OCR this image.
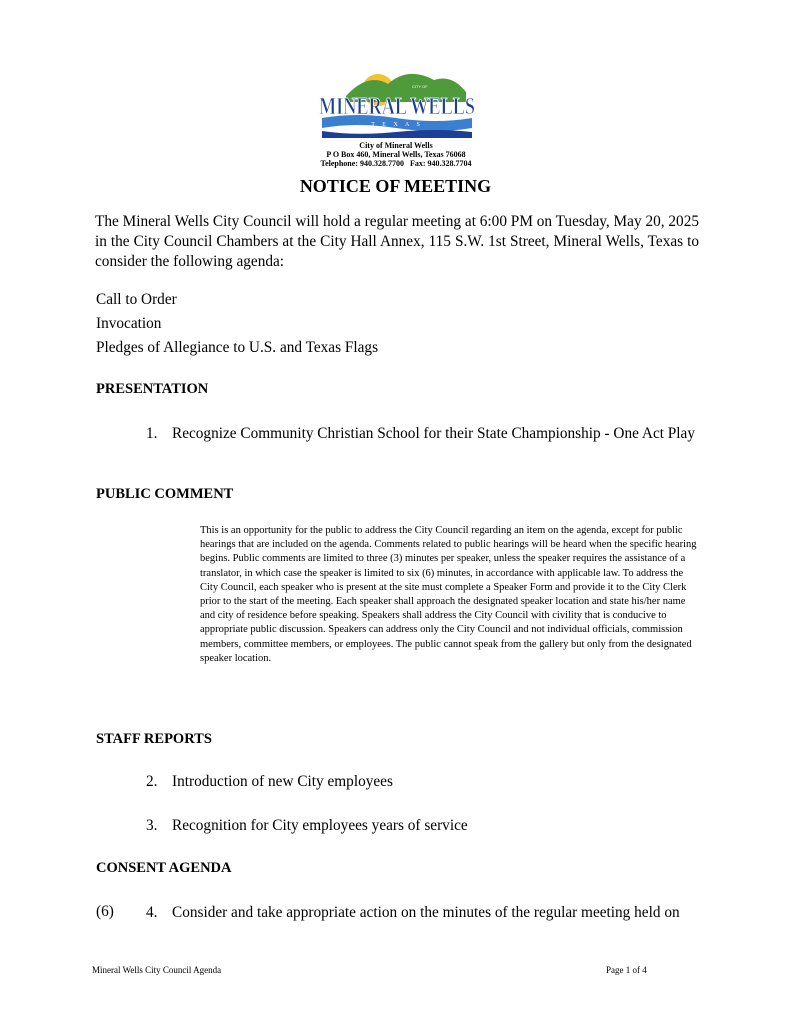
CITY OF
MINERAL WELLS
T E X A S
City of Mineral Wells
P O Box 460, Mineral Wells, Texas 76068
Telephone: 940.328.7700   Fax: 940.328.7704
NOTICE OF MEETING
The Mineral Wells City Council will hold a regular meeting at 6:00 PM on Tuesday, May 20, 2025 in the City Council Chambers at the City Hall Annex, 115 S.W. 1st Street, Mineral Wells, Texas to consider the following agenda:
Call to Order
Invocation
Pledges of Allegiance to U.S. and Texas Flags
PRESENTATION
1. Recognize Community Christian School for their State Championship - One Act Play
PUBLIC COMMENT
This is an opportunity for the public to address the City Council regarding an item on the agenda, except for public hearings that are included on the agenda. Comments related to public hearings will be heard when the specific hearing begins. Public comments are limited to three (3) minutes per speaker, unless the speaker requires the assistance of a translator, in which case the speaker is limited to six (6) minutes, in accordance with applicable law. To address the City Council, each speaker who is present at the site must complete a Speaker Form and provide it to the City Clerk prior to the start of the meeting. Each speaker shall approach the designated speaker location and state his/her name and city of residence before speaking. Speakers shall address the City Council with civility that is conducive to appropriate public discussion. Speakers can address only the City Council and not individual officials, commission members, committee members, or employees. The public cannot speak from the gallery but only from the designated speaker location.
STAFF REPORTS
2. Introduction of new City employees
3. Recognition for City employees years of service
CONSENT AGENDA
(6) 4. Consider and take appropriate action on the minutes of the regular meeting held on
Mineral Wells City Council Agenda	Page 1 of 4
